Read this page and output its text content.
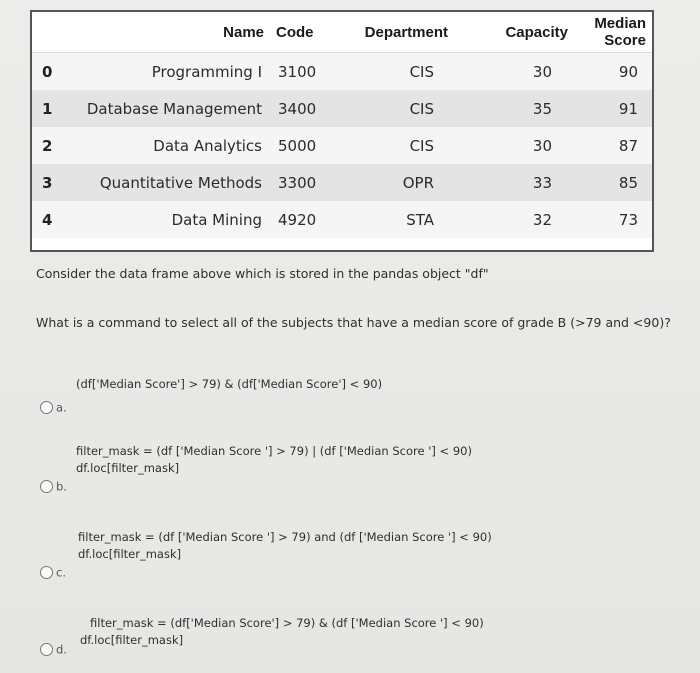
	Name	Code	Department	Capacity	Median Score
0	Programming I	3100	CIS	30	90
1	Database Management	3400	CIS	35	91
2	Data Analytics	5000	CIS	30	87
3	Quantitative Methods	3300	OPR	33	85
4	Data Mining	4920	STA	32	73
Consider the data frame above which is stored in the pandas object "df"
What is a command to select all of the subjects that have a median score of grade B (>79 and <90)?
(df['Median Score'] > 79) & (df['Median Score'] < 90)
a.
filter_mask = (df ['Median Score '] > 79) | (df ['Median Score '] < 90)
df.loc[filter_mask]
b.
filter_mask = (df ['Median Score '] > 79) and (df ['Median Score '] < 90)
df.loc[filter_mask]
c.
filter_mask = (df['Median Score'] > 79) & (df ['Median Score '] < 90)
d.
df.loc[filter_mask]
